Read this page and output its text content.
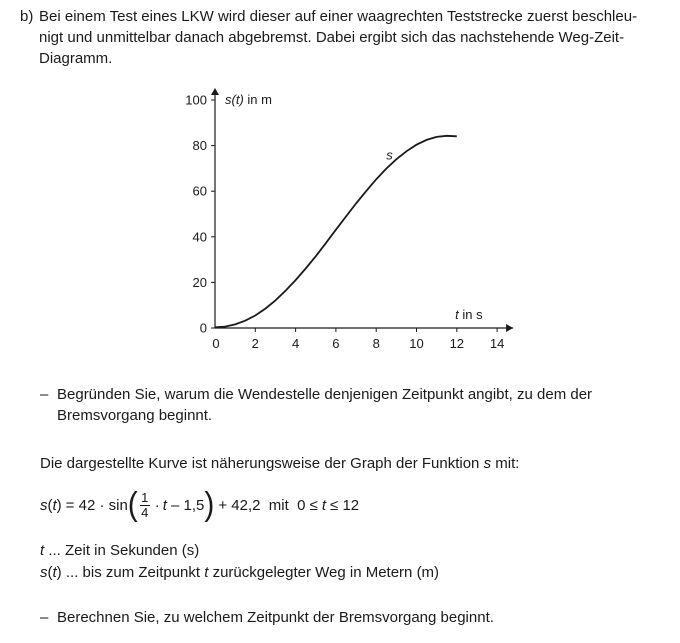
b) Bei einem Test eines LKW wird dieser auf einer waagrechten Teststrecke zuerst beschleu-
nigt und unmittelbar danach abgebremst. Dabei ergibt sich das nachstehende Weg-Zeit-
Diagramm.
0
20
40
60
80
100
0 2	4	6	8 10 12 14
s(t) in m
t in s
s
– Begründen Sie, warum die Wendestelle denjenigen Zeitpunkt angibt, zu dem der
Bremsvorgang beginnt.
Die dargestellte Kurve ist näherungsweise der Graph der Funktion s mit:
s ( t ) = 42 · sin ( $\frac{1}{4} \cdot t - 1,5$ ) + 42,2  mit  0 ≤ t ≤ 12
t ... Zeit in Sekunden (s)
s(t) ... bis zum Zeitpunkt t zurückgelegter Weg in Metern (m)
– Berechnen Sie, zu welchem Zeitpunkt der Bremsvorgang beginnt.
